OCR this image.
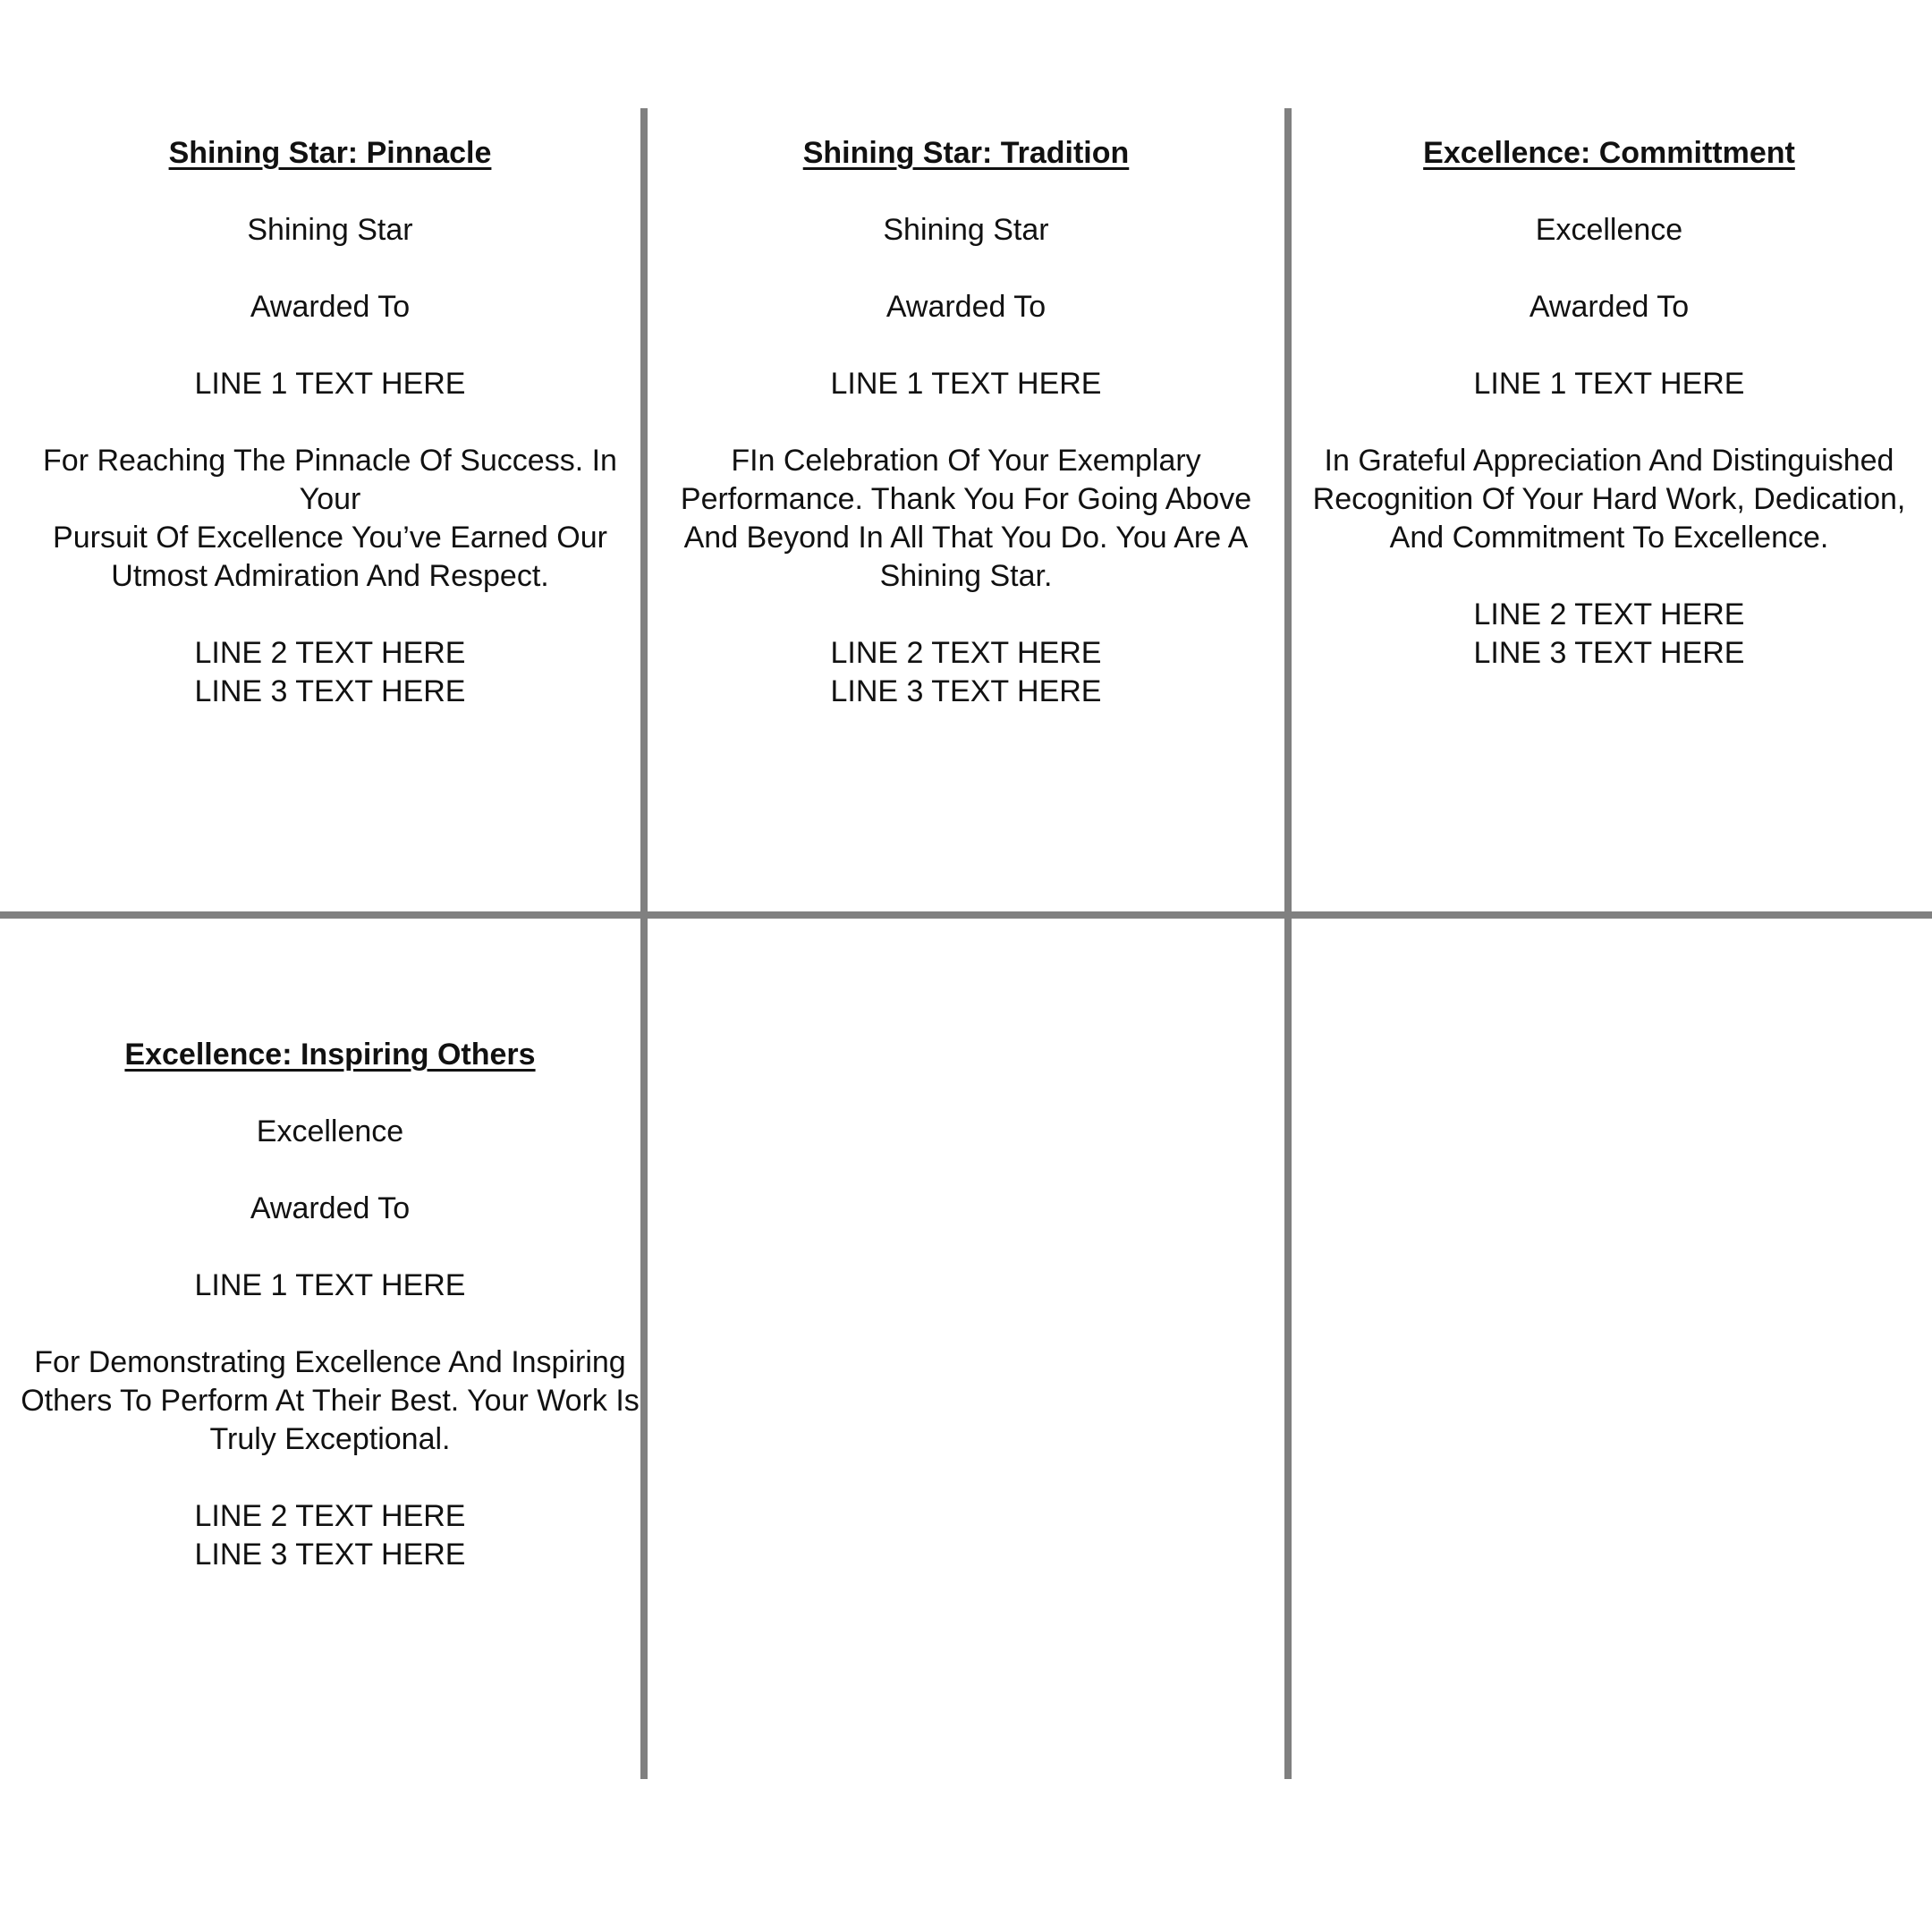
Shining Star: Pinnacle

Shining Star

Awarded To

LINE 1 TEXT HERE

For Reaching The Pinnacle Of Success. In Your
Pursuit Of Excellence You’ve Earned Our
Utmost Admiration And Respect.

LINE 2 TEXT HERE
LINE 3 TEXT HERE

Shining Star: Tradition

Shining Star

Awarded To

LINE 1 TEXT HERE

FIn Celebration Of Your Exemplary
Performance. Thank You For Going Above
And Beyond In All That You Do. You Are A
Shining Star.

LINE 2 TEXT HERE
LINE 3 TEXT HERE

Excellence: Committment

Excellence

Awarded To

LINE 1 TEXT HERE

In Grateful Appreciation And Distinguished
Recognition Of Your Hard Work, Dedication,
And Commitment To Excellence.

LINE 2 TEXT HERE
LINE 3 TEXT HERE

Excellence: Inspiring Others

Excellence

Awarded To

LINE 1 TEXT HERE

For Demonstrating Excellence And Inspiring
Others To Perform At Their Best. Your Work Is
Truly Exceptional.

LINE 2 TEXT HERE
LINE 3 TEXT HERE
